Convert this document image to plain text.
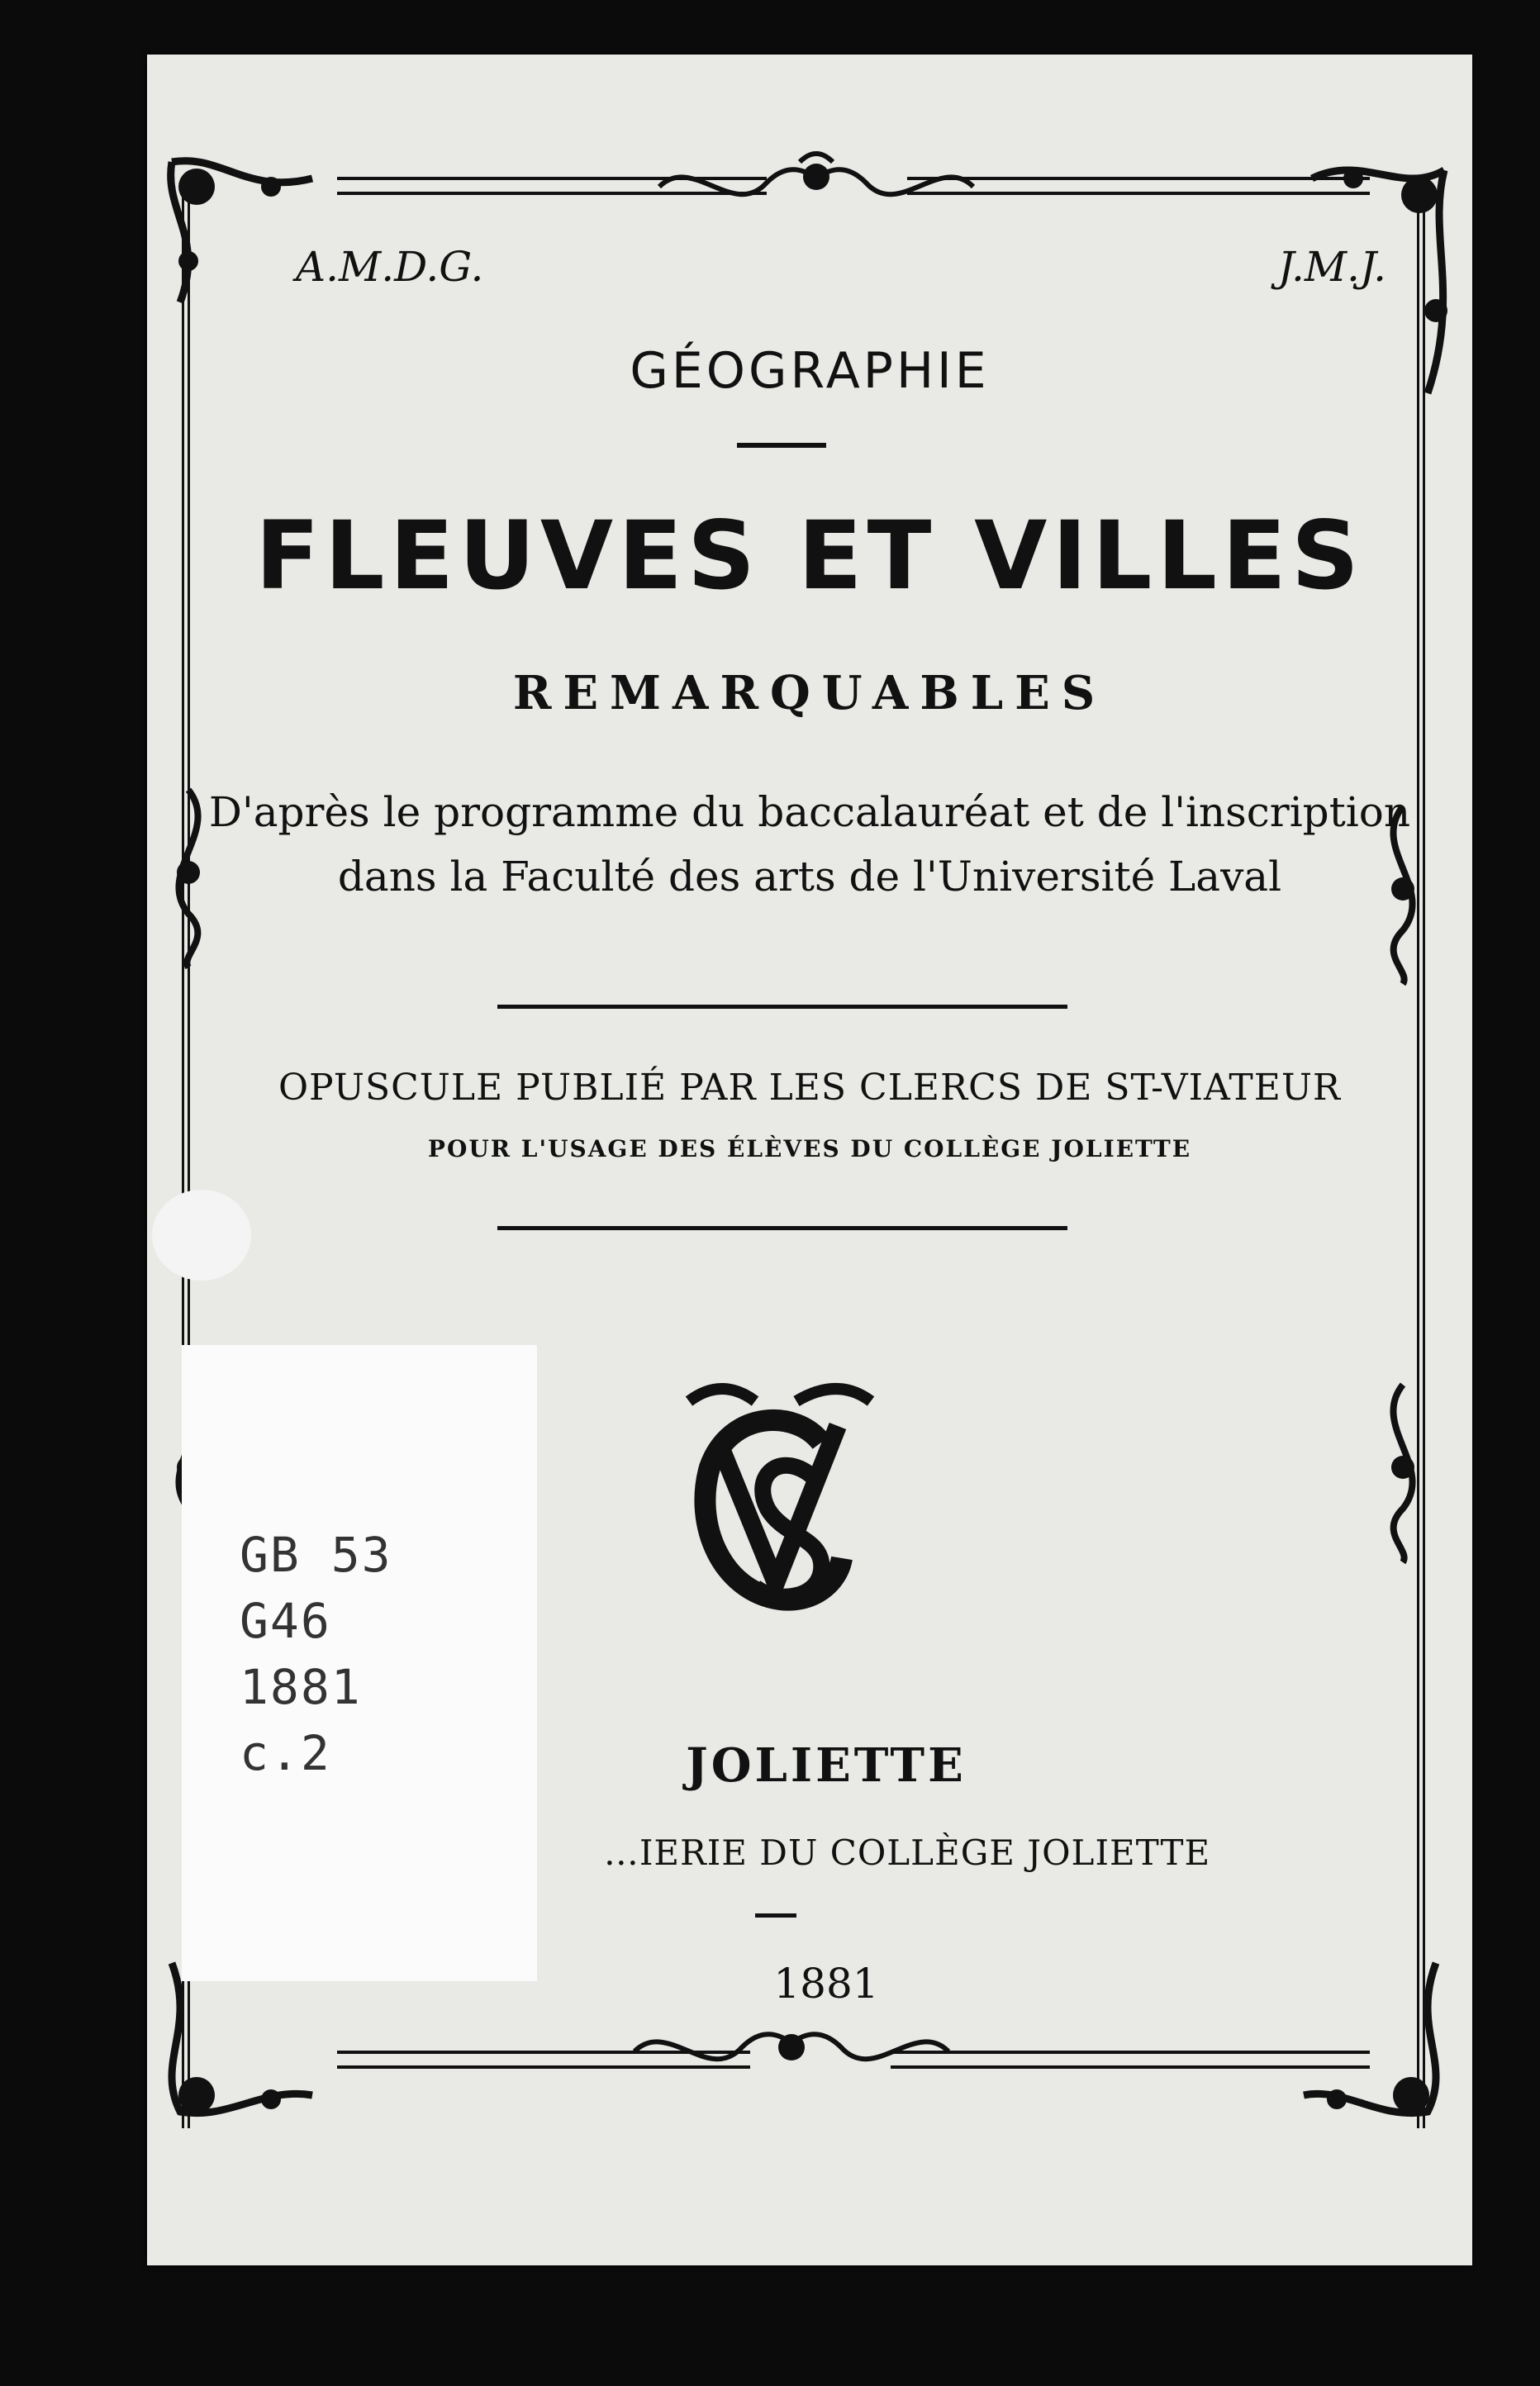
A.M.D.G.	J.M.J.
GÉOGRAPHIE
FLEUVES ET VILLES
REMARQUABLES
D'après le programme du baccalauréat et de l'inscription
dans la Faculté des arts de l'Université Laval
OPUSCULE PUBLIÉ PAR LES CLERCS DE ST-VIATEUR
POUR L'USAGE DES ÉLÈVES DU COLLÈGE JOLIETTE
JOLIETTE
…IERIE DU COLLÈGE JOLIETTE
1881
GB 53
G46
1881
c.2
